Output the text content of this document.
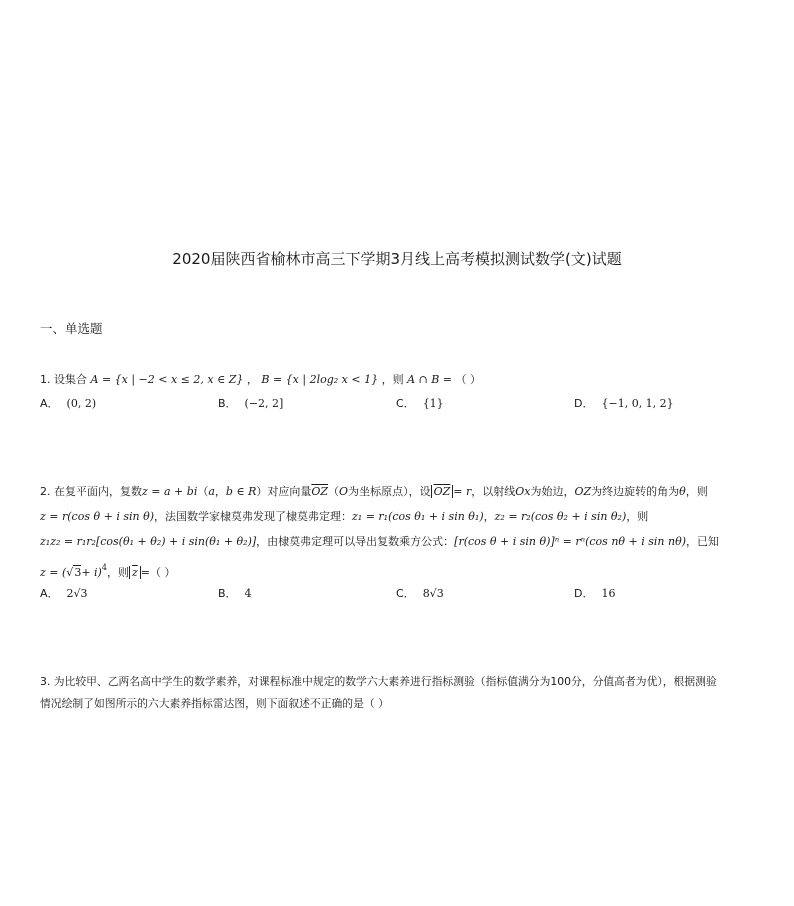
2020届陕西省榆林市高三下学期3月线上高考模拟测试数学(文)试题
一、单选题
1. 设集合 A = {x | −2 < x ≤ 2, x ∈ Z} ， B = {x | 2log₂ x < 1} ，则 A ∩ B = （ ）
A． (0, 2)	B． (−2, 2]	C． {1}	D． {−1, 0, 1, 2}
2. 在复平面内，复数z = a + bi（a，b ∈ R）对应向量$\overline{OZ}(O$为坐标原点），设 $\overline{OZ} = r$，以射线Ox为始边，OZ为终边旋转的角为θ，则
z = r(cos θ + i sin θ)，法国数学家棣莫弗发现了棣莫弗定理：z₁ = r₁(cos θ₁ + i sin θ₁)，z₂ = r₂(cos θ₂ + i sin θ₂)，则
z₁z₂ = r₁r₂[cos(θ₁ + θ₂) + i sin(θ₁ + θ₂)]，由棣莫弗定理可以导出复数乘方公式：[r(cos θ + i sin θ)]ⁿ = rⁿ(cos nθ + i sin nθ)，已知
$z = (√3+ i)^4$，则 $\overline{z}$ =（ ）
A． 2√3	B． 4	C． 8√3	D． 16
3. 为比较甲、乙两名高中学生的数学素养，对课程标准中规定的数学六大素养进行指标测验（指标值满分为100分，分值高者为优），根据测验
情况绘制了如图所示的六大素养指标雷达图，则下面叙述不正确的是（ ）
